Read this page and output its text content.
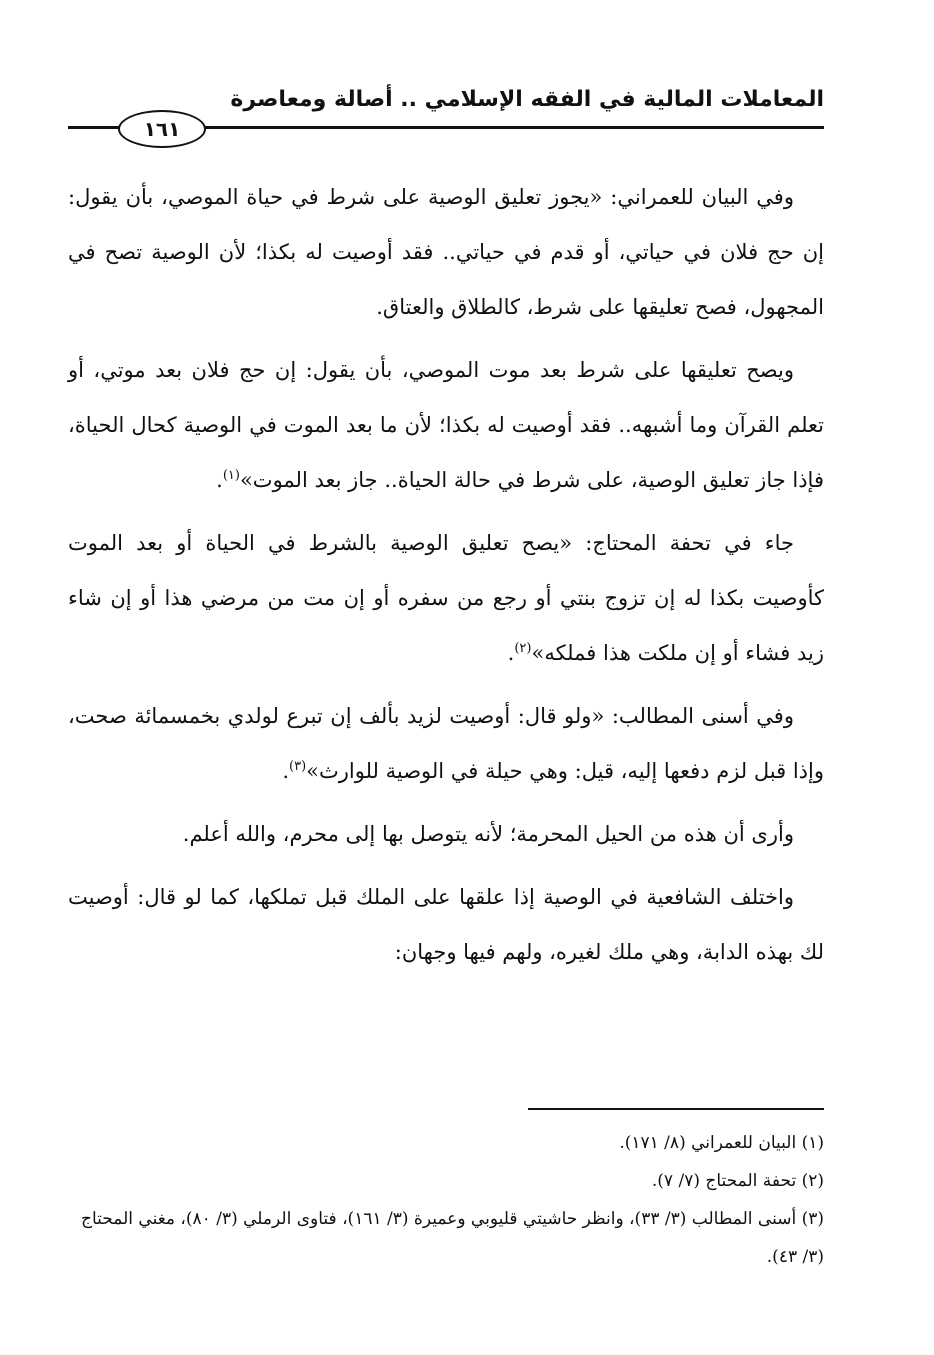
المعاملات المالية في الفقه الإسلامي .. أصالة ومعاصرة
١٦١

وفي البيان للعمراني: «يجوز تعليق الوصية على شرط في حياة الموصي، بأن يقول: إن حج فلان في حياتي، أو قدم في حياتي.. فقد أوصيت له بكذا؛ لأن الوصية تصح في المجهول، فصح تعليقها على شرط، كالطلاق والعتاق.

ويصح تعليقها على شرط بعد موت الموصي، بأن يقول: إن حج فلان بعد موتي، أو تعلم القرآن وما أشبهه.. فقد أوصيت له بكذا؛ لأن ما بعد الموت في الوصية كحال الحياة، فإذا جاز تعليق الوصية، على شرط في حالة الحياة.. جاز بعد الموت»$^{(١)}$.

جاء في تحفة المحتاج: «يصح تعليق الوصية بالشرط في الحياة أو بعد الموت كأوصيت بكذا له إن تزوج بنتي أو رجع من سفره أو إن مت من مرضي هذا أو إن شاء زيد فشاء أو إن ملكت هذا فملكه»$^{(٢)}$.

وفي أسنى المطالب: «ولو قال: أوصيت لزيد بألف إن تبرع لولدي بخمسمائة صحت، وإذا قبل لزم دفعها إليه، قيل: وهي حيلة في الوصية للوارث»$^{(٣)}$.

وأرى أن هذه من الحيل المحرمة؛ لأنه يتوصل بها إلى محرم، والله أعلم.

واختلف الشافعية في الوصية إذا علقها على الملك قبل تملكها، كما لو قال: أوصيت لك بهذه الدابة، وهي ملك لغيره، ولهم فيها وجهان:

(١) البيان للعمراني (٨/ ١٧١).

(٢) تحفة المحتاج (٧/ ٧).

(٣) أسنى المطالب (٣/ ٣٣)، وانظر حاشيتي قليوبي وعميرة (٣/ ١٦١)، فتاوى الرملي (٣/ ٨٠)، مغني المحتاج (٣/ ٤٣).
